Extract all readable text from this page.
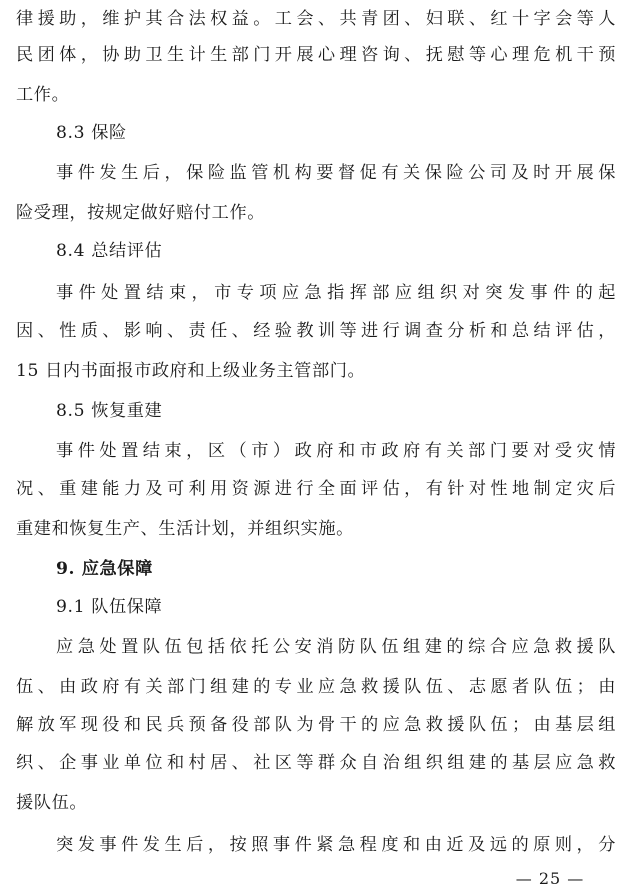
律援助，维护其合法权益。工会、共青团、妇联、红十字会等人
民团体，协助卫生计生部门开展心理咨询、抚慰等心理危机干预
工作。
8.3 保险
事件发生后，保险监管机构要督促有关保险公司及时开展保
险受理，按规定做好赔付工作。
8.4 总结评估
事件处置结束，市专项应急指挥部应组织对突发事件的起
因、性质、影响、责任、经验教训等进行调查分析和总结评估，
15 日内书面报市政府和上级业务主管部门。
8.5 恢复重建
事件处置结束，区（市）政府和市政府有关部门要对受灾情
况、重建能力及可利用资源进行全面评估，有针对性地制定灾后
重建和恢复生产、生活计划，并组织实施。
9. 应急保障
9.1 队伍保障
应急处置队伍包括依托公安消防队伍组建的综合应急救援队
伍、由政府有关部门组建的专业应急救援队伍、志愿者队伍；由
解放军现役和民兵预备役部队为骨干的应急救援队伍；由基层组
织、企事业单位和村居、社区等群众自治组织组建的基层应急救
援队伍。
突发事件发生后，按照事件紧急程度和由近及远的原则，分
— 25 —
